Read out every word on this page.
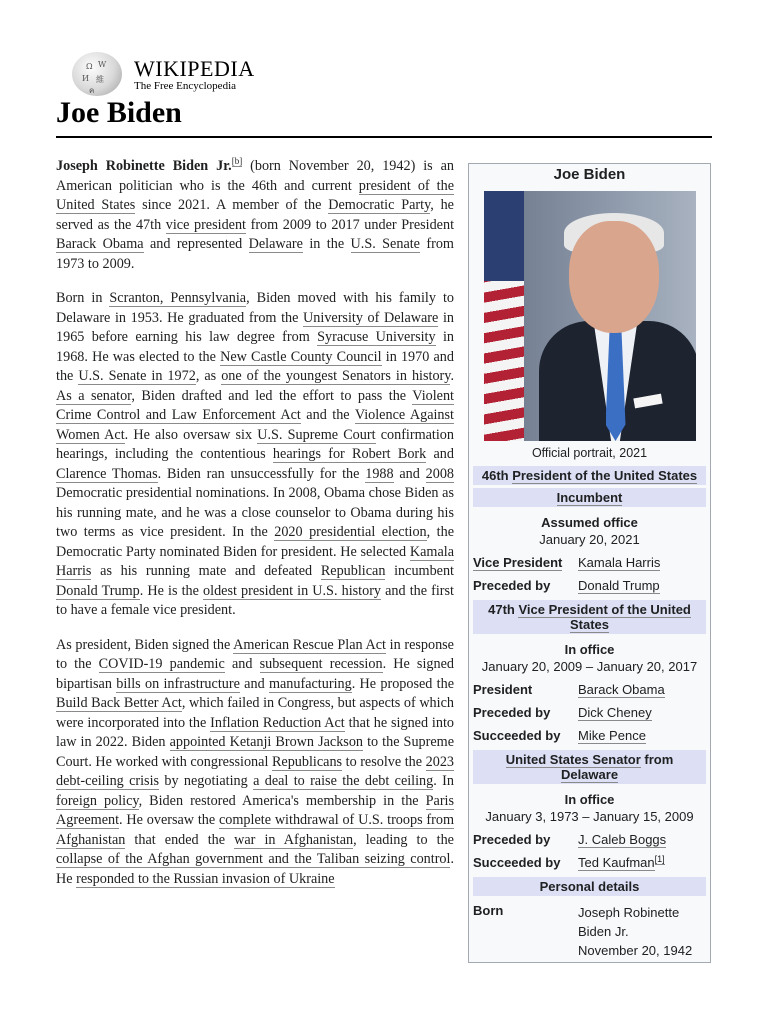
Ω W
И 維
ค
WIKIPEDIA
The Free Encyclopedia
Joe Biden

Joseph Robinette Biden Jr.[b] (born November 20, 1942) is an American politician who is the 46th and current president of the United States since 2021. A member of the Democratic Party, he served as the 47th vice president from 2009 to 2017 under President Barack Obama and represented Delaware in the U.S. Senate from 1973 to 2009.

Born in Scranton, Pennsylvania, Biden moved with his family to Delaware in 1953. He graduated from the University of Delaware in 1965 before earning his law degree from Syracuse University in 1968. He was elected to the New Castle County Council in 1970 and the U.S. Senate in 1972, as one of the youngest Senators in history. As a senator, Biden drafted and led the effort to pass the Violent Crime Control and Law Enforcement Act and the Violence Against Women Act. He also oversaw six U.S. Supreme Court confirmation hearings, including the contentious hearings for Robert Bork and Clarence Thomas. Biden ran unsuccessfully for the 1988 and 2008 Democratic presidential nominations. In 2008, Obama chose Biden as his running mate, and he was a close counselor to Obama during his two terms as vice president. In the 2020 presidential election, the Democratic Party nominated Biden for president. He selected Kamala Harris as his running mate and defeated Republican incumbent Donald Trump. He is the oldest president in U.S. history and the first to have a female vice president.

As president, Biden signed the American Rescue Plan Act in response to the COVID-19 pandemic and subsequent recession. He signed bipartisan bills on infrastructure and manufacturing. He proposed the Build Back Better Act, which failed in Congress, but aspects of which were incorporated into the Inflation Reduction Act that he signed into law in 2022. Biden appointed Ketanji Brown Jackson to the Supreme Court. He worked with congressional Republicans to resolve the 2023 debt-ceiling crisis by negotiating a deal to raise the debt ceiling. In foreign policy, Biden restored America's membership in the Paris Agreement. He oversaw the complete withdrawal of U.S. troops from Afghanistan that ended the war in Afghanistan, leading to the collapse of the Afghan government and the Taliban seizing control. He responded to the Russian invasion of Ukraine

Joe Biden
Official portrait, 2021
46th President of the United States
Incumbent
Assumed office
January 20, 2021
Vice President	Kamala Harris
Preceded by	Donald Trump
47th Vice President of the United States
In office
January 20, 2009 – January 20, 2017
President	Barack Obama
Preceded by	Dick Cheney
Succeeded by	Mike Pence
United States Senator from Delaware
In office
January 3, 1973 – January 15, 2009
Preceded by	J. Caleb Boggs
Succeeded by	Ted Kaufman[1]
Personal details
Born	Joseph Robinette
Biden Jr.
November 20, 1942
